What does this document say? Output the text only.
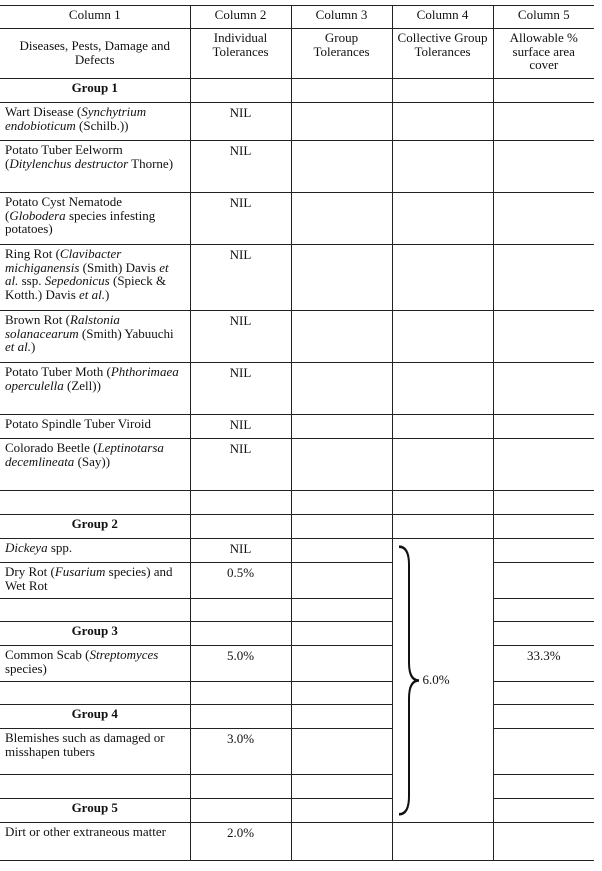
Column 1	Column 2	Column 3	Column 4	Column 5
Diseases, Pests, Damage and Defects	Individual Tolerances	Group Tolerances	Collective Group Tolerances	Allowable % surface area cover
Group 1				
Wart Disease (Synchytrium endobioticum (Schilb.))	NIL			
Potato Tuber Eelworm (Ditylenchus destructor Thorne)	NIL			
Potato Cyst Nematode (Globodera species infesting potatoes)	NIL			
Ring Rot (Clavibacter michiganensis (Smith) Davis et al. ssp. Sepedonicus (Spieck & Kotth.) Davis et al.)	NIL			
Brown Rot (Ralstonia solanacearum (Smith) Yabuuchi et al.)	NIL			
Potato Tuber Moth (Phthorimaea operculella (Zell))	NIL			
Potato Spindle Tuber Viroid	NIL			
Colorado Beetle (Leptinotarsa decemlineata (Say))	NIL			

Group 2				
Dickeya spp.	NIL		6.0%	
Dry Rot (Fusarium species) and Wet Rot	0.5%			

Group 3				
Common Scab (Streptomyces species)	5.0%			33.3%

Group 4				
Blemishes such as damaged or misshapen tubers	3.0%			

Group 5				
Dirt or other extraneous matter	2.0%			
